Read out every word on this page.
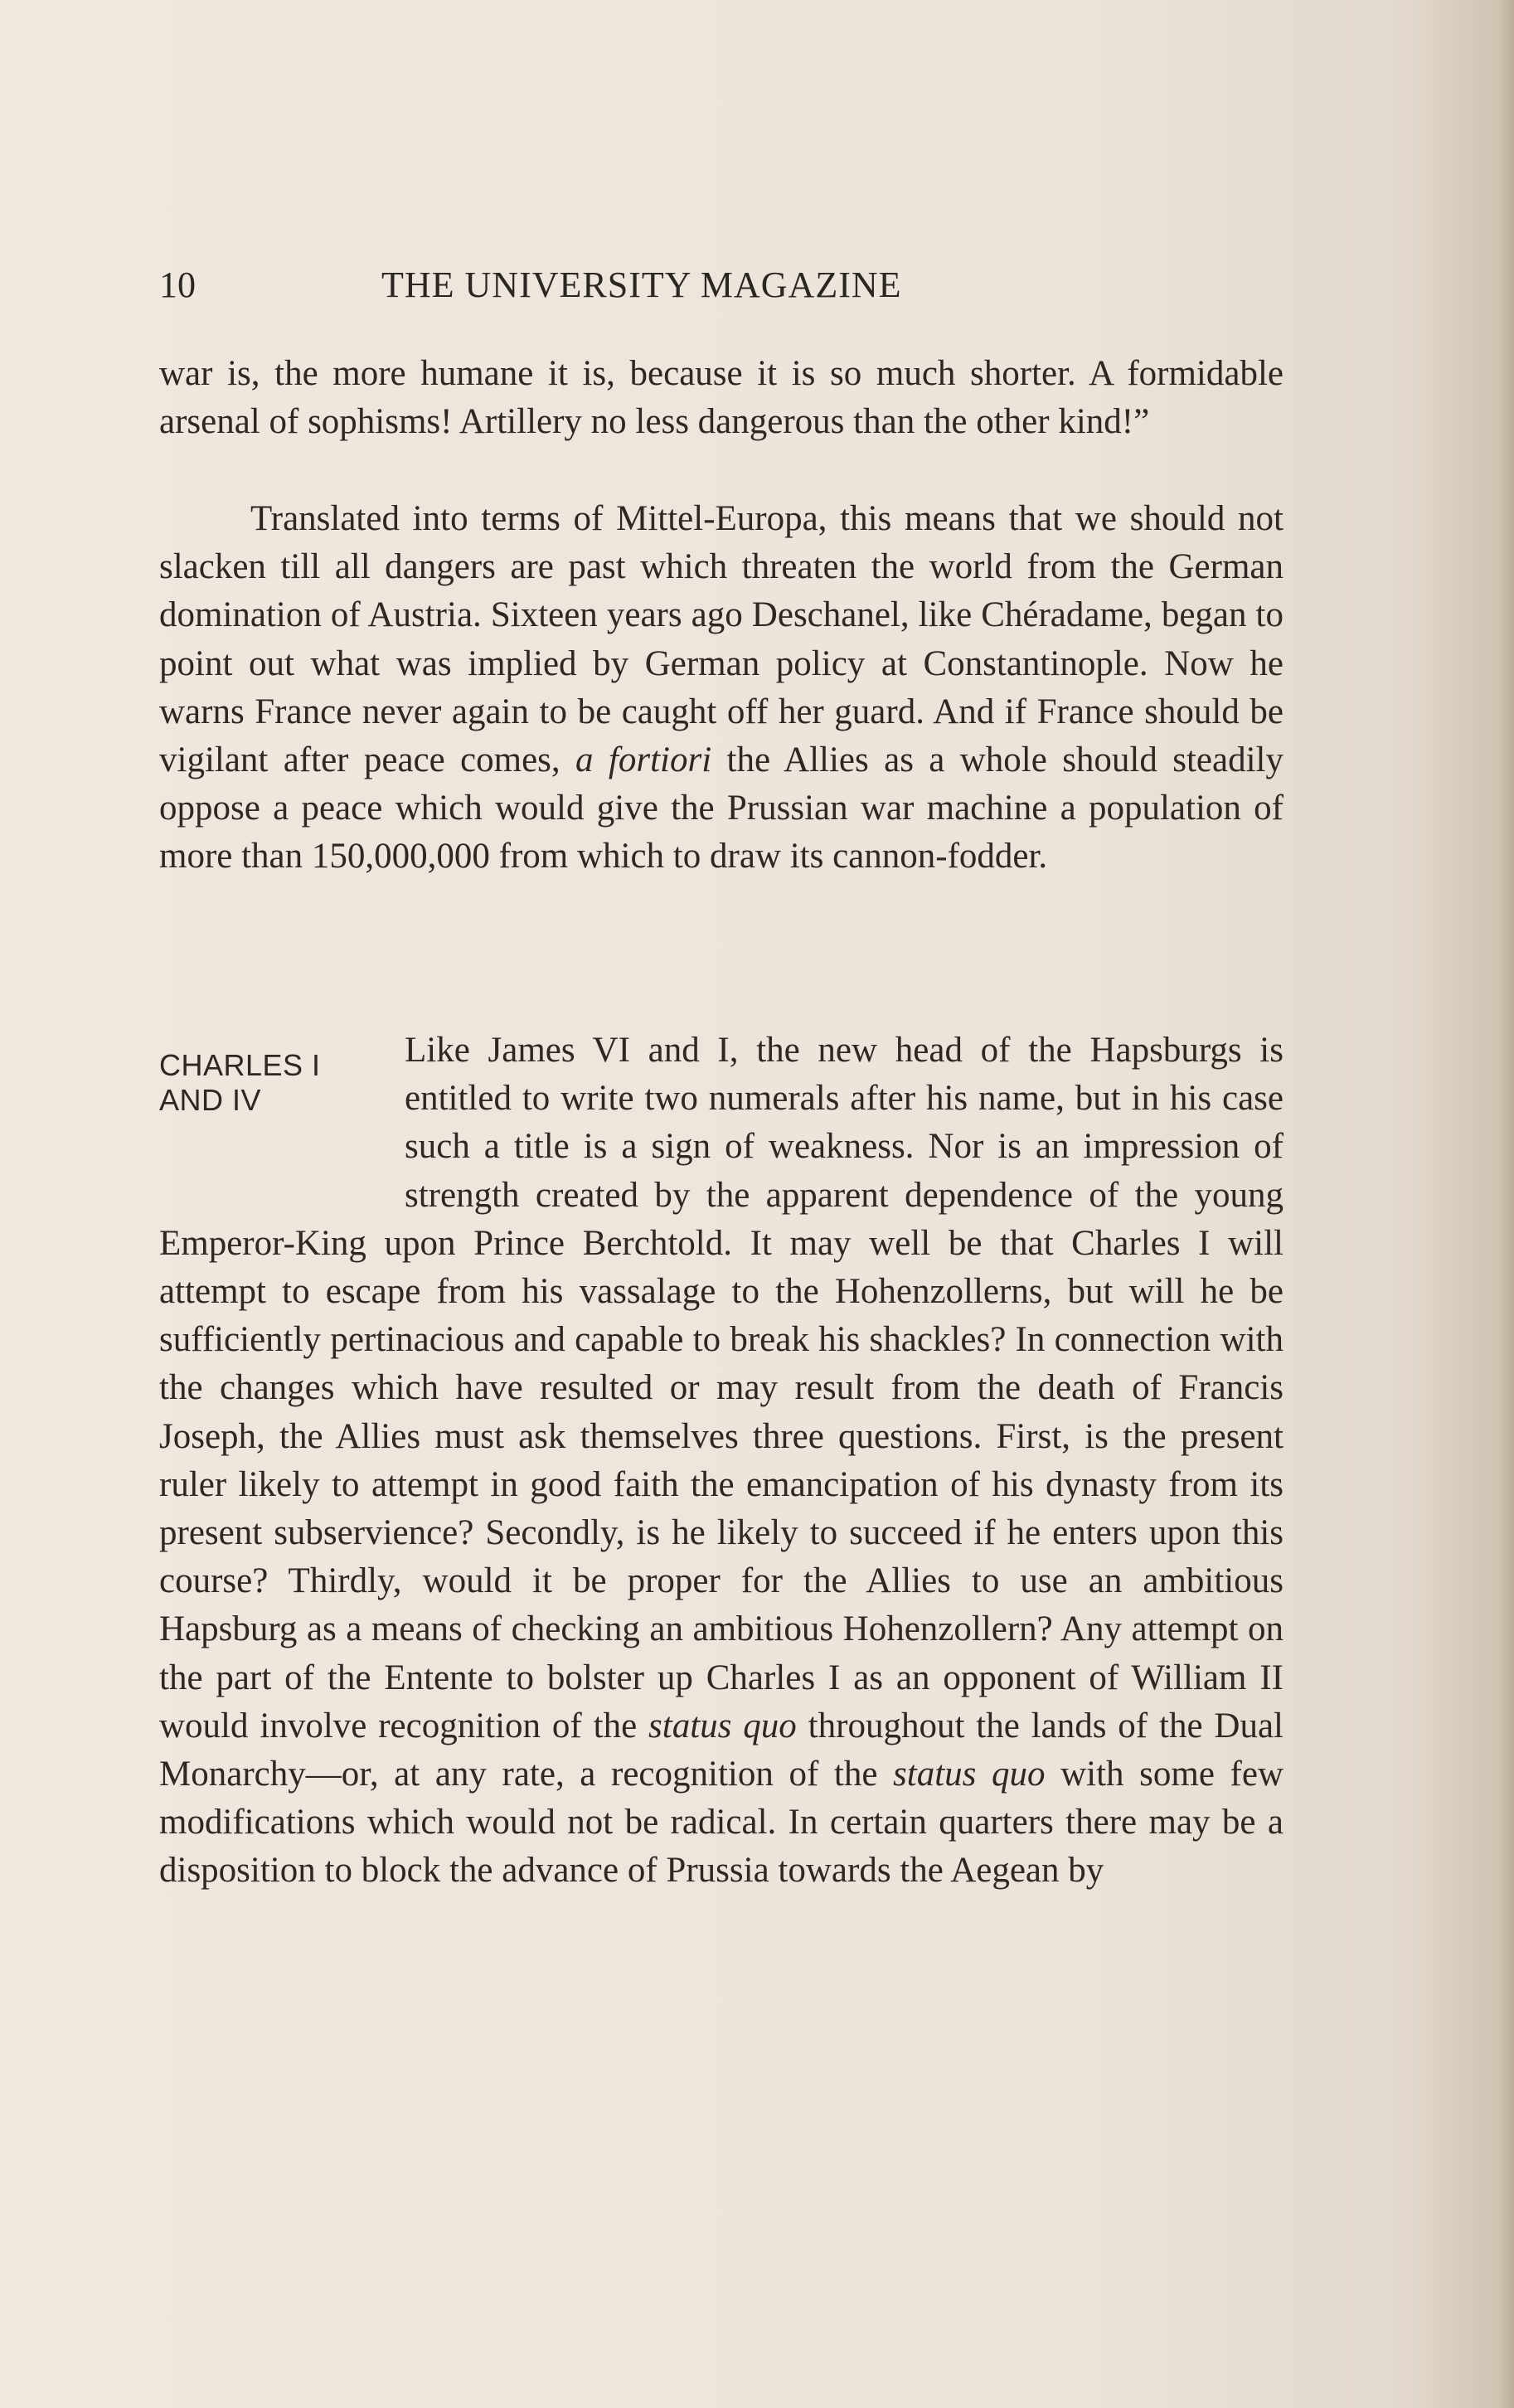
10	THE UNIVERSITY MAGAZINE

war is, the more humane it is, because it is so much shorter. A formidable arsenal of sophisms! Artillery no less dangerous than the other kind!”

Translated into terms of Mittel-Europa, this means that we should not slacken till all dangers are past which threaten the world from the German domination of Austria. Sixteen years ago Deschanel, like Chéradame, began to point out what was implied by German policy at Constantinople. Now he warns France never again to be caught off her guard. And if France should be vigilant after peace comes, a fortiori the Allies as a whole should steadily oppose a peace which would give the Prussian war machine a population of more than 150,000,000 from which to draw its cannon-fodder.

CHARLES I
AND IV
Like James VI and I, the new head of the Hapsburgs is entitled to write two numerals after his name, but in his case such a title is a sign of weakness. Nor is an impression of strength created by the apparent dependence of the young Emperor-King upon Prince Berchtold. It may well be that Charles I will attempt to escape from his vassalage to the Hohenzollerns, but will he be sufficiently pertinacious and capable to break his shackles? In connection with the changes which have resulted or may result from the death of Francis Joseph, the Allies must ask themselves three questions. First, is the present ruler likely to attempt in good faith the emancipation of his dynasty from its present subservience? Secondly, is he likely to succeed if he enters upon this course? Thirdly, would it be proper for the Allies to use an ambitious Hapsburg as a means of checking an ambitious Hohenzollern? Any attempt on the part of the Entente to bolster up Charles I as an opponent of William II would involve recognition of the status quo throughout the lands of the Dual Monarchy—or, at any rate, a recognition of the status quo with some few modifications which would not be radical. In certain quarters there may be a disposition to block the advance of Prussia towards the Aegean by
